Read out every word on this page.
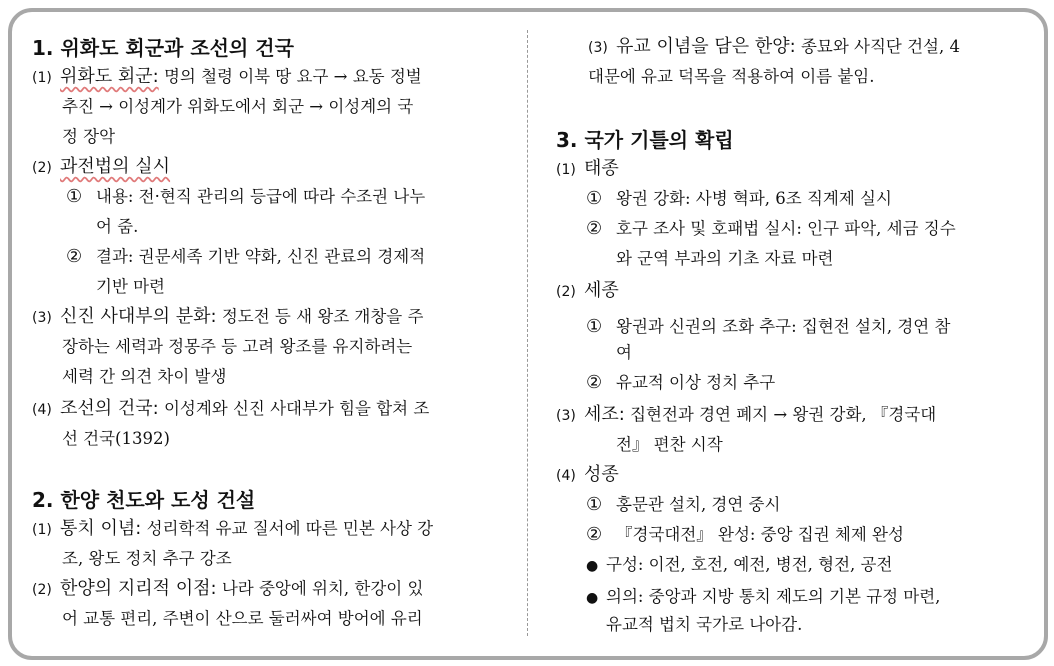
1. 위화도 회군과 조선의 건국
(1) 위화도 회군: 명의 철령 이북 땅 요구 → 요동 정벌
추진 → 이성계가 위화도에서 회군 → 이성계의 국
정 장악
(2) 과전법의 실시
① 내용: 전·현직 관리의 등급에 따라 수조권 나누
어 줌.
② 결과: 권문세족 기반 약화, 신진 관료의 경제적
기반 마련
(3) 신진 사대부의 분화: 정도전 등 새 왕조 개창을 주
장하는 세력과 정몽주 등 고려 왕조를 유지하려는
세력 간 의견 차이 발생
(4) 조선의 건국: 이성계와 신진 사대부가 힘을 합쳐 조
선 건국(1392)
2. 한양 천도와 도성 건설
(1) 통치 이념: 성리학적 유교 질서에 따른 민본 사상 강
조, 왕도 정치 추구 강조
(2) 한양의 지리적 이점: 나라 중앙에 위치, 한강이 있
어 교통 편리, 주변이 산으로 둘러싸여 방어에 유리
(3) 유교 이념을 담은 한양: 종묘와 사직단 건설, 4
대문에 유교 덕목을 적용하여 이름 붙임.
3. 국가 기틀의 확립
(1) 태종
① 왕권 강화: 사병 혁파, 6조 직계제 실시
② 호구 조사 및 호패법 실시: 인구 파악, 세금 징수
와 군역 부과의 기초 자료 마련
(2) 세종
① 왕권과 신권의 조화 추구: 집현전 설치, 경연 참
여
② 유교적 이상 정치 추구
(3) 세조: 집현전과 경연 폐지 → 왕권 강화, 『경국대
전』 편찬 시작
(4) 성종
① 홍문관 설치, 경연 중시
② 『경국대전』 완성: 중앙 집권 체제 완성
● 구성: 이전, 호전, 예전, 병전, 형전, 공전
● 의의: 중앙과 지방 통치 제도의 기본 규정 마련,
유교적 법치 국가로 나아감.
